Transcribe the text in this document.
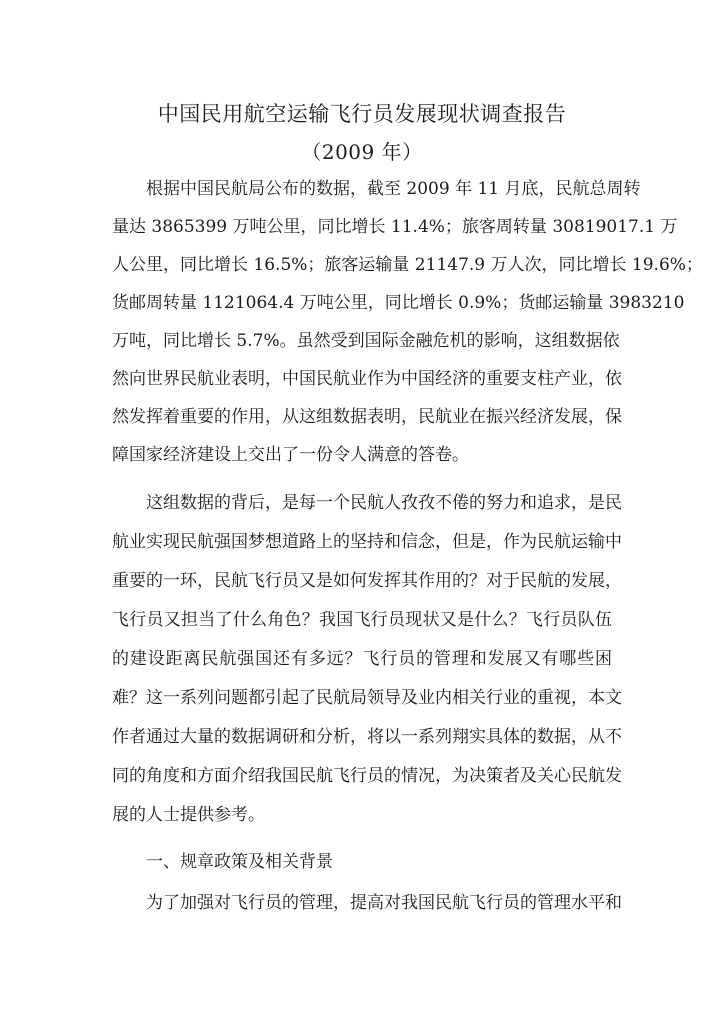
中国民用航空运输飞行员发展现状调查报告
（2009 年）
根据中国民航局公布的数据，截至 2009 年 11 月底，民航总周转
量达 3865399 万吨公里，同比增长 11.4%；旅客周转量 30819017.1 万
人公里，同比增长 16.5%；旅客运输量 21147.9 万人次，同比增长 19.6%；
货邮周转量 1121064.4 万吨公里，同比增长 0.9%；货邮运输量 3983210
万吨，同比增长 5.7%。虽然受到国际金融危机的影响，这组数据依
然向世界民航业表明，中国民航业作为中国经济的重要支柱产业，依
然发挥着重要的作用，从这组数据表明，民航业在振兴经济发展，保
障国家经济建设上交出了一份令人满意的答卷。
这组数据的背后，是每一个民航人孜孜不倦的努力和追求，是民
航业实现民航强国梦想道路上的坚持和信念，但是，作为民航运输中
重要的一环，民航飞行员又是如何发挥其作用的？对于民航的发展，
飞行员又担当了什么角色？我国飞行员现状又是什么？飞行员队伍
的建设距离民航强国还有多远？飞行员的管理和发展又有哪些困
难？这一系列问题都引起了民航局领导及业内相关行业的重视，本文
作者通过大量的数据调研和分析，将以一系列翔实具体的数据，从不
同的角度和方面介绍我国民航飞行员的情况，为决策者及关心民航发
展的人士提供参考。
一、规章政策及相关背景
为了加强对飞行员的管理，提高对我国民航飞行员的管理水平和
